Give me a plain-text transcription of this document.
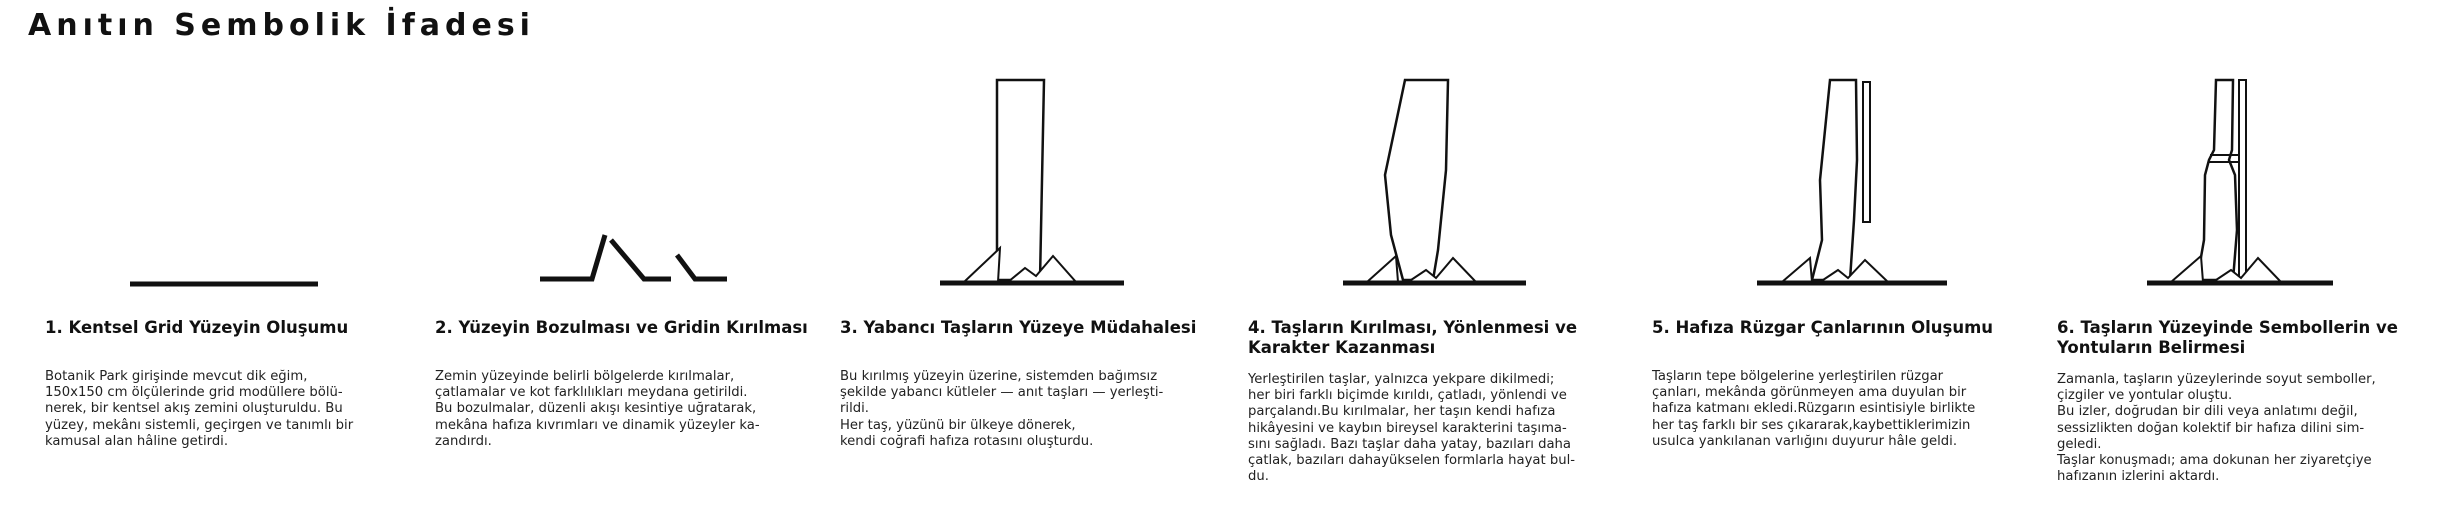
Anıtın Sembolik İfadesi
1. Kentsel Grid Yüzeyin Oluşumu

Botanik Park girişinde mevcut dik eğim,
150x150 cm ölçülerinde grid modüllere bölü-
nerek, bir kentsel akış zemini oluşturuldu. Bu
yüzey, mekânı sistemli, geçirgen ve tanımlı bir
kamusal alan hâline getirdi.

2. Yüzeyin Bozulması ve Gridin Kırılması

Zemin yüzeyinde belirli bölgelerde kırılmalar,
çatlamalar ve kot farklılıkları meydana getirildi.
Bu bozulmalar, düzenli akışı kesintiye uğratarak,
mekâna hafıza kıvrımları ve dinamik yüzeyler ka-
zandırdı.

3. Yabancı Taşların Yüzeye Müdahalesi

Bu kırılmış yüzeyin üzerine, sistemden bağımsız
şekilde yabancı kütleler — anıt taşları — yerleşti-
rildi.
Her taş, yüzünü bir ülkeye dönerek,
kendi coğrafi hafıza rotasını oluşturdu.

4. Taşların Kırılması, Yönlenmesi ve
Karakter Kazanması

Yerleştirilen taşlar, yalnızca yekpare dikilmedi;
her biri farklı biçimde kırıldı, çatladı, yönlendi ve
parçalandı.Bu kırılmalar, her taşın kendi hafıza
hikâyesini ve kaybın bireysel karakterini taşıma-
sını sağladı. Bazı taşlar daha yatay, bazıları daha
çatlak, bazıları dahayükselen formlarla hayat bul-
du.

5. Hafıza Rüzgar Çanlarının Oluşumu

Taşların tepe bölgelerine yerleştirilen rüzgar
çanları, mekânda görünmeyen ama duyulan bir
hafıza katmanı ekledi.Rüzgarın esintisiyle birlikte
her taş farklı bir ses çıkararak,kaybettiklerimizin
usulca yankılanan varlığını duyurur hâle geldi.

6. Taşların Yüzeyinde Sembollerin ve
Yontuların Belirmesi

Zamanla, taşların yüzeylerinde soyut semboller,
çizgiler ve yontular oluştu.
Bu izler, doğrudan bir dili veya anlatımı değil,
sessizlikten doğan kolektif bir hafıza dilini sim-
geledi.
Taşlar konuşmadı; ama dokunan her ziyaretçiye
hafızanın izlerini aktardı.
